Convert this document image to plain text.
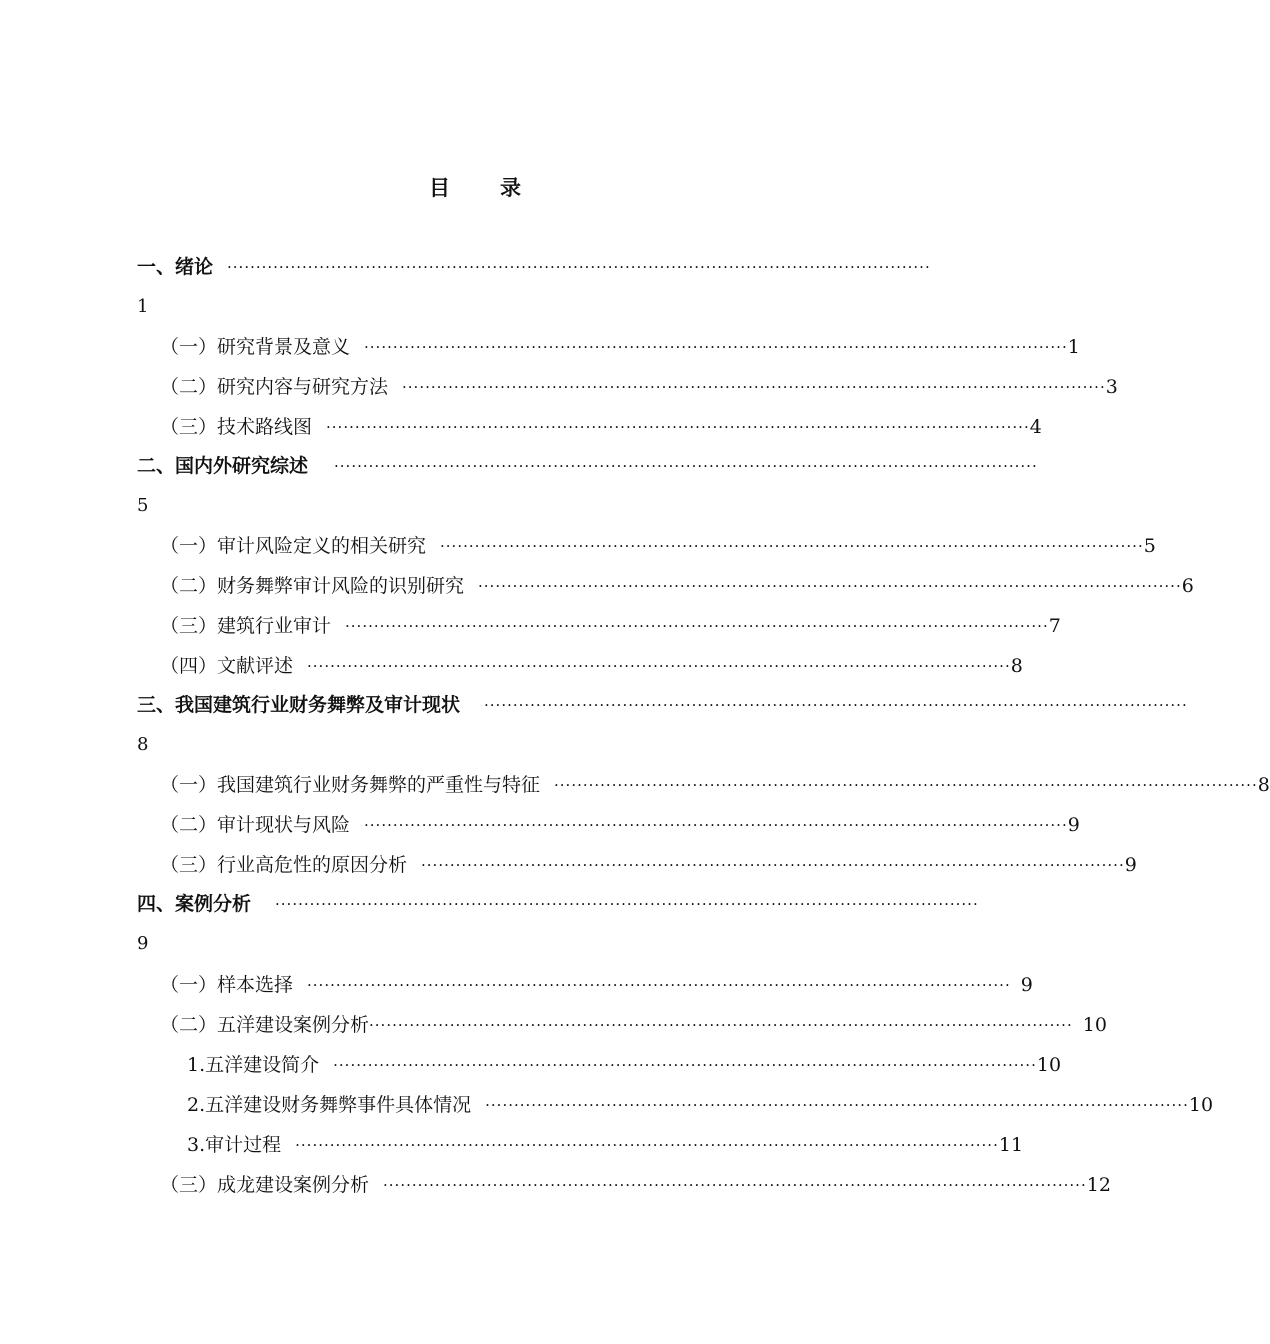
目 录
一、绪论 ··························································································································
1
（一）研究背景及意义 ·························································································································· 1
（二）研究内容与研究方法 ·························································································································· 3
（三）技术路线图 ·························································································································· 4
二、国内外研究综述 ··························································································································
5
（一）审计风险定义的相关研究 ·························································································································· 5
（二）财务舞弊审计风险的识别研究 ·························································································································· 6
（三）建筑行业审计 ·························································································································· 7
（四）文献评述 ·························································································································· 8
三、我国建筑行业财务舞弊及审计现状 ··························································································································
8
（一）我国建筑行业财务舞弊的严重性与特征 ·························································································································· 8
（二）审计现状与风险 ·························································································································· 9
（三）行业高危性的原因分析 ·························································································································· 9
四、案例分析 ··························································································································
9
（一）样本选择 ·························································································································· 9
（二）五洋建设案例分析 ·························································································································· 10
1.五洋建设简介 ·························································································································· 10
2.五洋建设财务舞弊事件具体情况 ·························································································································· 10
3.审计过程 ·························································································································· 11
（三）成龙建设案例分析 ·························································································································· 12
